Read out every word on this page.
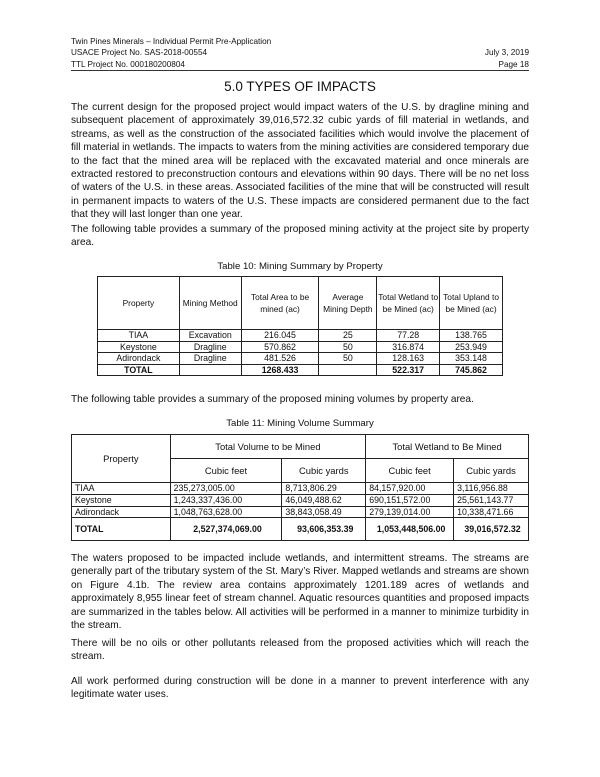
Twin Pines Minerals – Individual Permit Pre-Application
USACE Project No. SAS-2018-00554	July 3, 2019
TTL Project No. 000180200804	Page 18
5.0 TYPES OF IMPACTS

The current design for the proposed project would impact waters of the U.S. by dragline mining and subsequent placement of approximately 39,016,572.32 cubic yards of fill material in wetlands, and streams, as well as the construction of the associated facilities which would involve the placement of fill material in wetlands. The impacts to waters from the mining activities are considered temporary due to the fact that the mined area will be replaced with the excavated material and once minerals are extracted restored to preconstruction contours and elevations within 90 days. There will be no net loss of waters of the U.S. in these areas. Associated facilities of the mine that will be constructed will result in permanent impacts to waters of the U.S. These impacts are considered permanent due to the fact that they will last longer than one year.

The following table provides a summary of the proposed mining activity at the project site by property area.

Table 10: Mining Summary by Property
Property	Mining Method	Total Area to be mined (ac)	Average Mining Depth	Total Wetland to be Mined (ac)	Total Upland to be Mined (ac)
TIAA	Excavation	216.045	25	77.28	138.765
Keystone	Dragline	570.862	50	316.874	253.949
Adirondack	Dragline	481.526	50	128.163	353.148
TOTAL		1268.433		522.317	745.862

The following table provides a summary of the proposed mining volumes by property area.

Table 11: Mining Volume Summary
Property	Total Volume to be Mined		Total Wetland to Be Mined	
	Cubic feet	Cubic yards	Cubic feet	Cubic yards
TIAA	235,273,005.00	8,713,806.29	84,157,920.00	3,116,956.88
Keystone	1,243,337,436.00	46,049,488.62	690,151,572.00	25,561,143.77
Adirondack	1,048,763,628.00	38,843,058.49	279,139,014.00	10,338,471.66
TOTAL	2,527,374,069.00	93,606,353.39	1,053,448,506.00	39,016,572.32

The waters proposed to be impacted include wetlands, and intermittent streams. The streams are generally part of the tributary system of the St. Mary’s River. Mapped wetlands and streams are shown on Figure 4.1b. The review area contains approximately 1201.189 acres of wetlands and approximately 8,955 linear feet of stream channel. Aquatic resources quantities and proposed impacts are summarized in the tables below. All activities will be performed in a manner to minimize turbidity in the stream.

There will be no oils or other pollutants released from the proposed activities which will reach the stream.

All work performed during construction will be done in a manner to prevent interference with any legitimate water uses.
